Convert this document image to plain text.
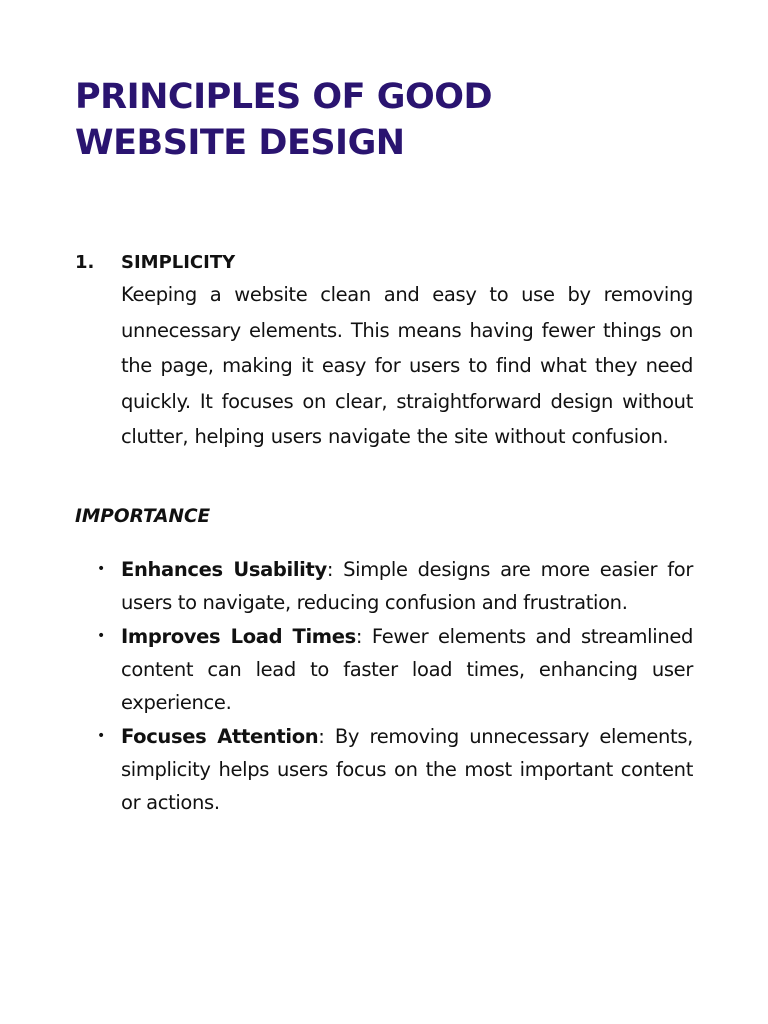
PRINCIPLES OF GOOD
WEBSITE DESIGN
1. SIMPLICITY

Keeping a website clean and easy to use by removing unnecessary elements. This means having fewer things on the page, making it easy for users to find what they need quickly. It focuses on clear, straightforward design without clutter, helping users navigate the site without confusion.

IMPORTANCE
• Enhances Usability: Simple designs are more easier for users to navigate, reducing confusion and frustration.
• Improves Load Times: Fewer elements and streamlined content can lead to faster load times, enhancing user experience.
• Focuses Attention: By removing unnecessary elements, simplicity helps users focus on the most important content or actions.
